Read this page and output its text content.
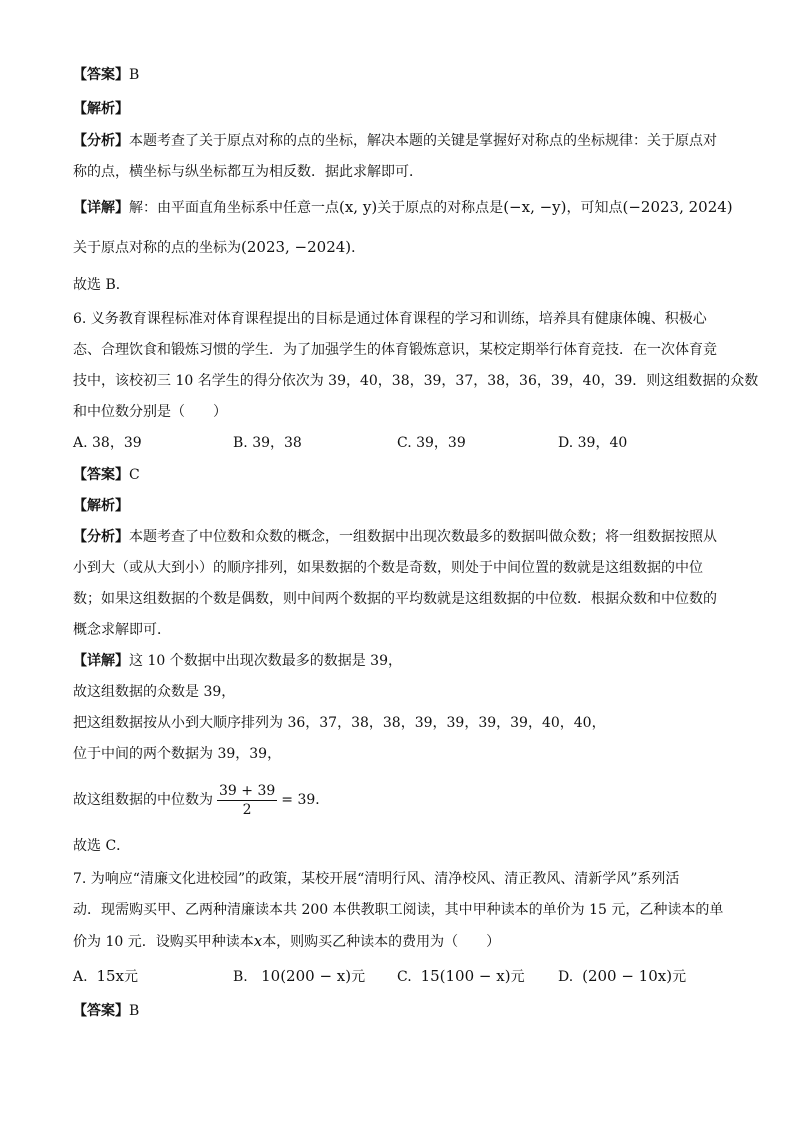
【答案】B
【解析】
【分析】本题考查了关于原点对称的点的坐标，解决本题的关键是掌握好对称点的坐标规律：关于原点对
称的点，横坐标与纵坐标都互为相反数．据此求解即可．
【详解】解：由平面直角坐标系中任意一点(x, y)关于原点的对称点是(−x, −y)，可知点(−2023, 2024)
关于原点对称的点的坐标为(2023, −2024)．
故选 B．
6. 义务教育课程标准对体育课程提出的目标是通过体育课程的学习和训练，培养具有健康体魄、积极心
态、合理饮食和锻炼习惯的学生．为了加强学生的体育锻炼意识，某校定期举行体育竞技．在一次体育竞
技中，该校初三 10 名学生的得分依次为 39，40，38，39，37，38，36，39，40，39．则这组数据的众数
和中位数分别是（　　）
A. 38，39	B. 39，38	C. 39，39	D. 39，40
【答案】C
【解析】
【分析】本题考查了中位数和众数的概念，一组数据中出现次数最多的数据叫做众数；将一组数据按照从
小到大（或从大到小）的顺序排列，如果数据的个数是奇数，则处于中间位置的数就是这组数据的中位
数；如果这组数据的个数是偶数，则中间两个数据的平均数就是这组数据的中位数．根据众数和中位数的
概念求解即可．
【详解】这 10 个数据中出现次数最多的数据是 39，
故这组数据的众数是 39，
把这组数据按从小到大顺序排列为 36，37，38，38，39，39，39，39，40，40，
位于中间的两个数据为 39，39，
故这组数据的中位数为 $\frac{39 + 39}{2} = 39$．
故选 C．
7. 为响应“清廉文化进校园”的政策，某校开展“清明行风、清净校风、清正教风、清新学风”系列活
动．现需购买甲、乙两种清廉读本共 200 本供教职工阅读，其中甲种读本的单价为 15 元，乙种读本的单
价为 10 元．设购买甲种读本x本，则购买乙种读本的费用为（　　）
A. 15x元	B. 10(200 − x)元 C. 15(100 − x)元 D. (200 − 10x)元
【答案】B
